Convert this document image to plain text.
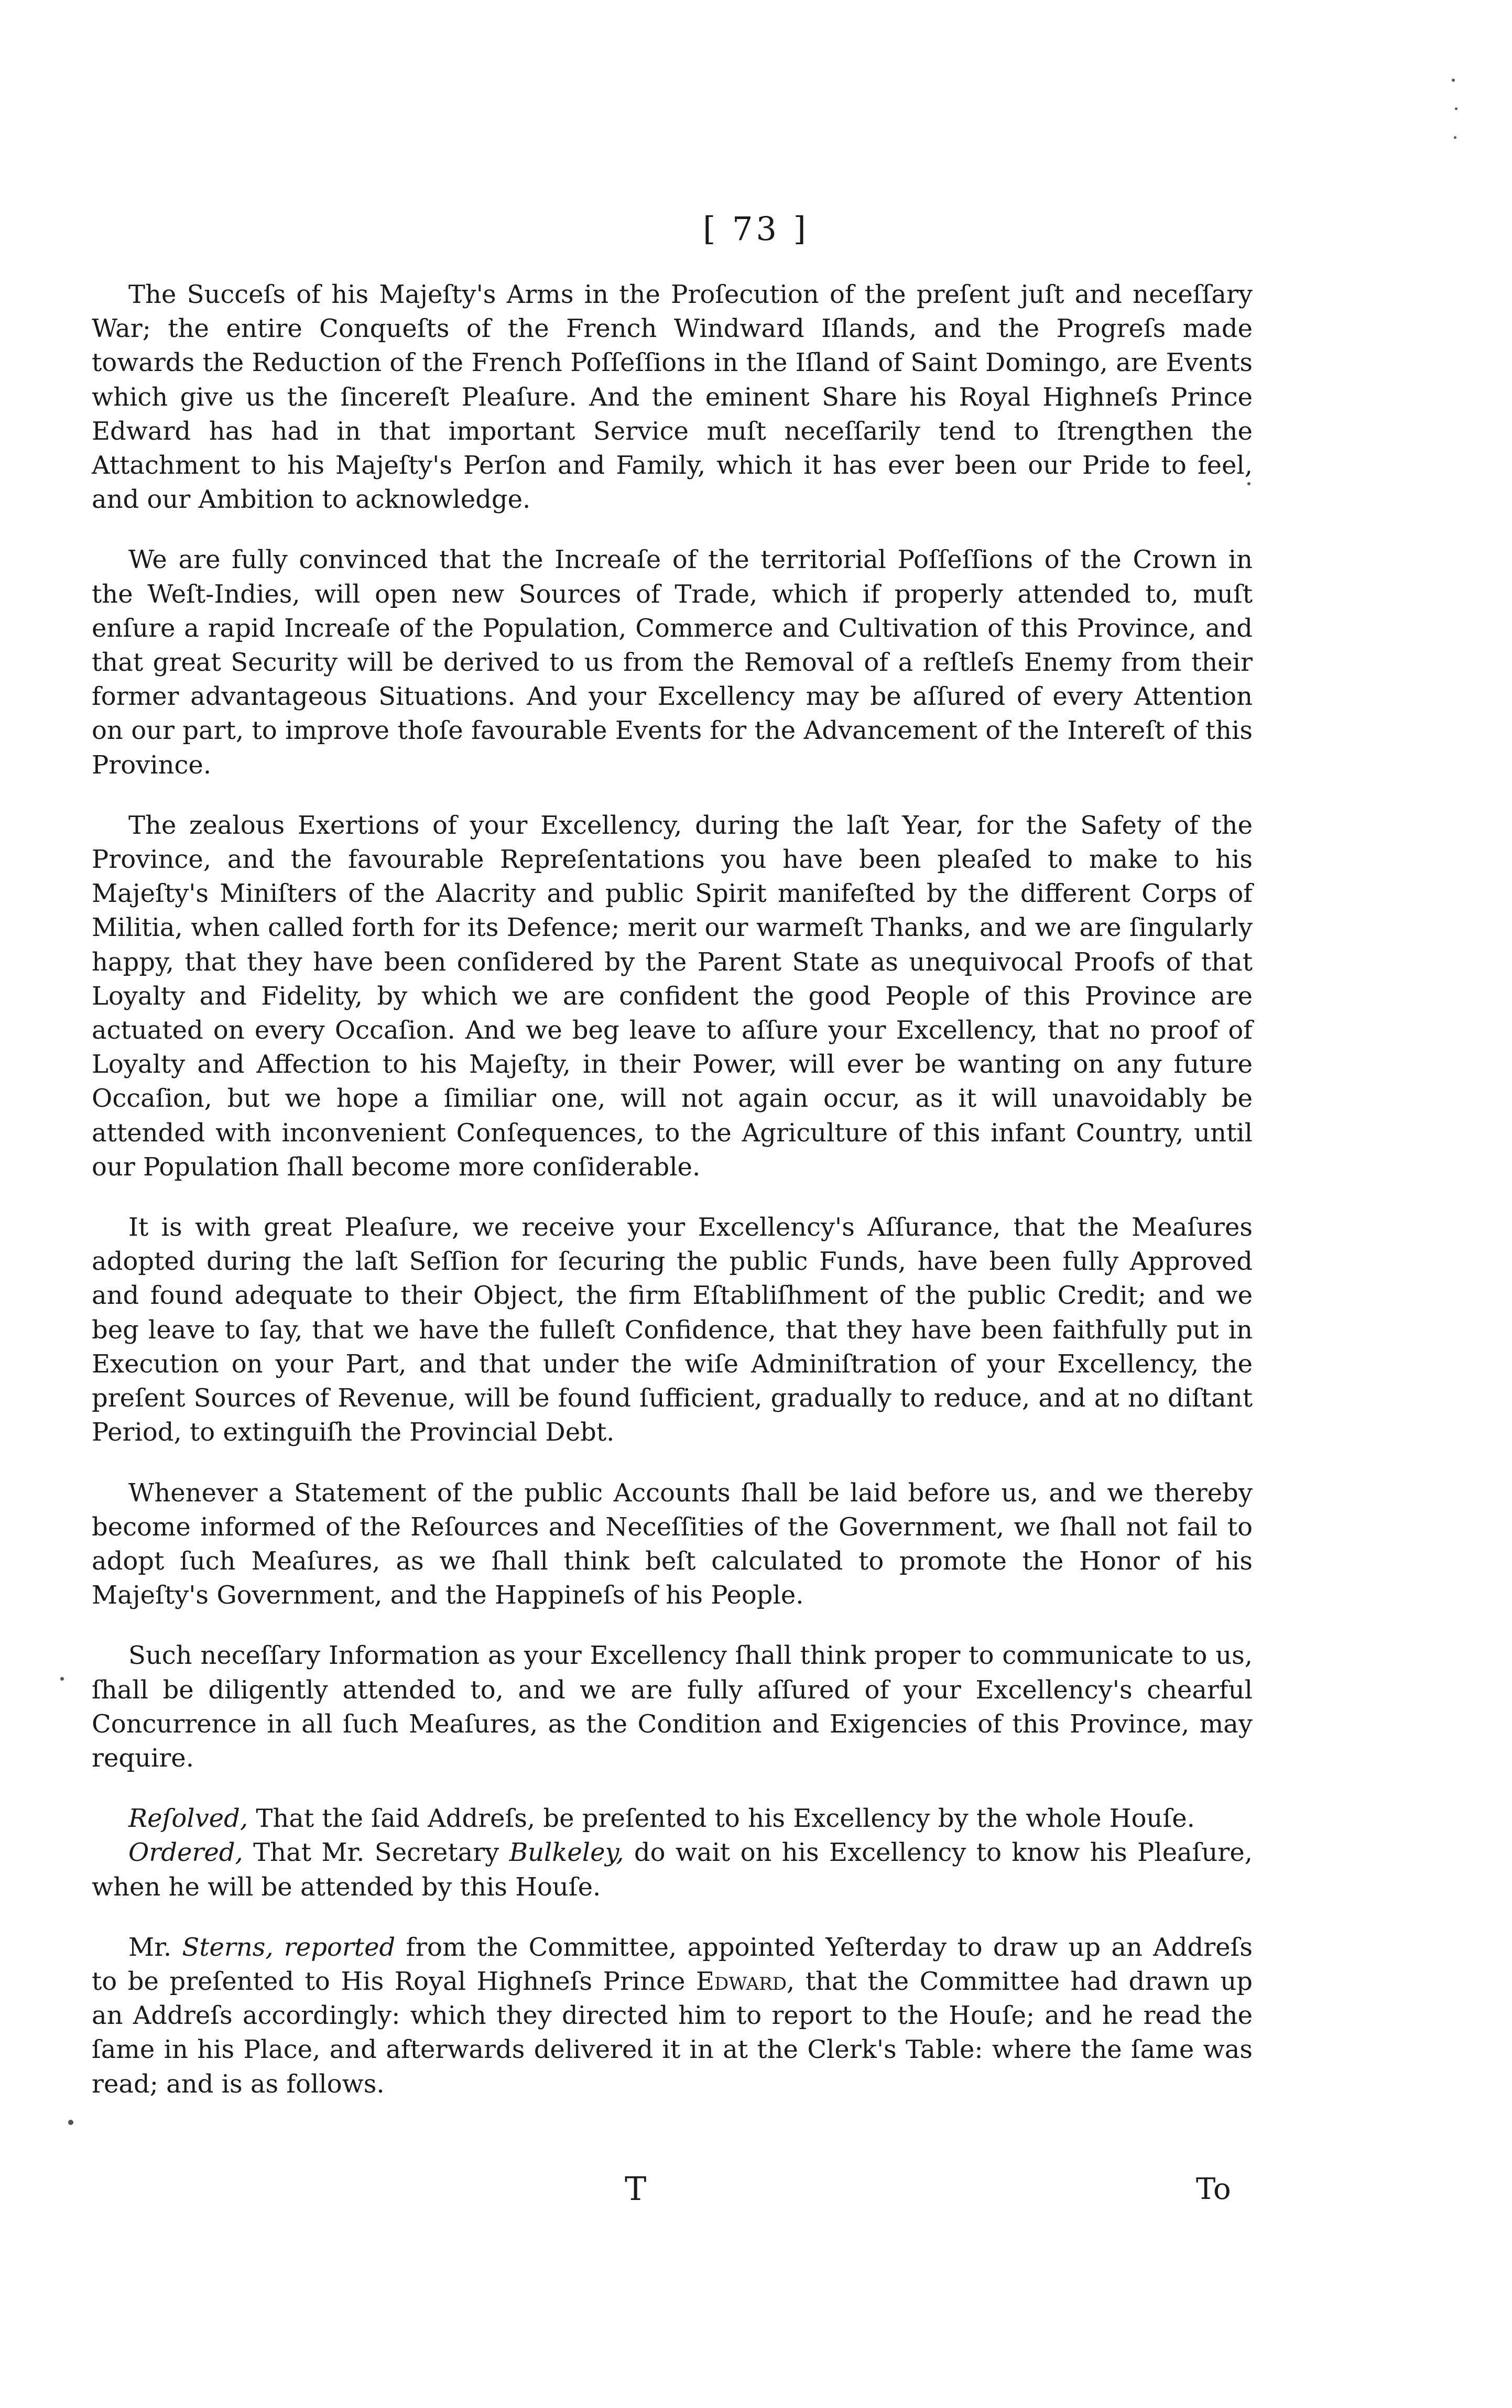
[ 73 ]

The Succeſs of his Majeſty's Arms in the Proſecution of the preſent juſt and neceſſary War; the entire Conqueſts of the French Windward Iſlands, and the Progreſs made towards the Reduction of the French Poſſeſſions in the Iſland of Saint Domingo, are Events which give us the ſincereſt Pleaſure. And the eminent Share his Royal Highneſs Prince Edward has had in that important Service muſt neceſſarily tend to ſtrengthen the Attachment to his Majeſty's Perſon and Family, which it has ever been our Pride to feel, and our Ambition to acknowledge.

We are fully convinced that the Increaſe of the territorial Poſſeſſions of the Crown in the Weſt-Indies, will open new Sources of Trade, which if properly attended to, muſt enſure a rapid Increaſe of the Population, Commerce and Cultivation of this Province, and that great Security will be derived to us from the Removal of a reſtleſs Enemy from their former advantageous Situations. And your Excellency may be aſſured of every Attention on our part, to improve thoſe favourable Events for the Advancement of the Intereſt of this Province.

The zealous Exertions of your Excellency, during the laſt Year, for the Safety of the Province, and the favourable Repreſentations you have been pleaſed to make to his Majeſty's Miniſters of the Alacrity and public Spirit manifeſted by the different Corps of Militia, when called forth for its Defence; merit our warmeſt Thanks, and we are ſingularly happy, that they have been conſidered by the Parent State as unequivocal Proofs of that Loyalty and Fidelity, by which we are confident the good People of this Province are actuated on every Occaſion. And we beg leave to aſſure your Excellency, that no proof of Loyalty and Affection to his Majeſty, in their Power, will ever be wanting on any future Occaſion, but we hope a ſimiliar one, will not again occur, as it will unavoidably be attended with inconvenient Conſequences, to the Agriculture of this infant Country, until our Population ſhall become more conſiderable.

It is with great Pleaſure, we receive your Excellency's Aſſurance, that the Meaſures adopted during the laſt Seſſion for ſecuring the public Funds, have been fully Approved and found adequate to their Object, the firm Eſtabliſhment of the public Credit; and we beg leave to ſay, that we have the fulleſt Confidence, that they have been faithfully put in Execution on your Part, and that under the wiſe Adminiſtration of your Excellency, the preſent Sources of Revenue, will be found ſufficient, gradually to reduce, and at no diſtant Period, to extinguiſh the Provincial Debt.

Whenever a Statement of the public Accounts ſhall be laid before us, and we thereby become informed of the Reſources and Neceſſities of the Government, we ſhall not fail to adopt ſuch Meaſures, as we ſhall think beſt calculated to promote the Honor of his Majeſty's Government, and the Happineſs of his People.

Such neceſſary Information as your Excellency ſhall think proper to communicate to us, ſhall be diligently attended to, and we are fully aſſured of your Excellency's chearful Concurrence in all ſuch Meaſures, as the Condition and Exigencies of this Province, may require.

Reſolved, That the ſaid Addreſs, be preſented to his Excellency by the whole Houſe.

Ordered, That Mr. Secretary Bulkeley, do wait on his Excellency to know his Pleaſure, when he will be attended by this Houſe.

Mr. Sterns, reported from the Committee, appointed Yeſterday to draw up an Addreſs to be preſented to His Royal Highneſs Prince Edward, that the Committee had drawn up an Addreſs accordingly: which they directed him to report to the Houſe; and he read the ſame in his Place, and afterwards delivered it in at the Clerk's Table: where the ſame was read; and is as follows.

T	To
